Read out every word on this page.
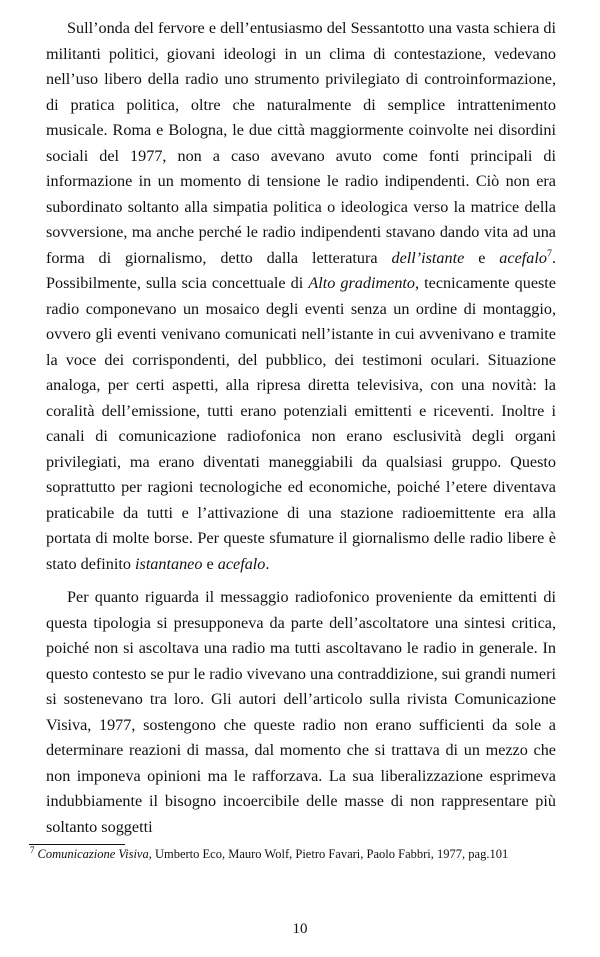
Sull’onda del fervore e dell’entusiasmo del Sessantotto una vasta schiera di militanti politici, giovani ideologi in un clima di contestazione, vedevano nell’uso libero della radio uno strumento privilegiato di controinformazione, di pratica politica, oltre che naturalmente di semplice intrattenimento musicale. Roma e Bologna, le due città maggiormente coinvolte nei disordini sociali del 1977, non a caso avevano avuto come fonti principali di informazione in un momento di tensione le radio indipendenti. Ciò non era subordinato soltanto alla simpatia politica o ideologica verso la matrice della sovversione, ma anche perché le radio indipendenti stavano dando vita ad una forma di giornalismo, detto dalla letteratura dell’istante e acefalo$^7$. Possibilmente, sulla scia concettuale di Alto gradimento, tecnicamente queste radio componevano un mosaico degli eventi senza un ordine di montaggio, ovvero gli eventi venivano comunicati nell’istante in cui avvenivano e tramite la voce dei corrispondenti, del pubblico, dei testimoni oculari. Situazione analoga, per certi aspetti, alla ripresa diretta televisiva, con una novità: la coralità dell’emissione, tutti erano potenziali emittenti e riceventi. Inoltre i canali di comunicazione radiofonica non erano esclusività degli organi privilegiati, ma erano diventati maneggiabili da qualsiasi gruppo. Questo soprattutto per ragioni tecnologiche ed economiche, poiché l’etere diventava praticabile da tutti e l’attivazione di una stazione radioemittente era alla portata di molte borse. Per queste sfumature il giornalismo delle radio libere è stato definito istantaneo e acefalo.

Per quanto riguarda il messaggio radiofonico proveniente da emittenti di questa tipologia si presupponeva da parte dell’ascoltatore una sintesi critica, poiché non si ascoltava una radio ma tutti ascoltavano le radio in generale. In questo contesto se pur le radio vivevano una contraddizione, sui grandi numeri si sostenevano tra loro. Gli autori dell’articolo sulla rivista Comunicazione Visiva, 1977, sostengono che queste radio non erano sufficienti da sole a determinare reazioni di massa, dal momento che si trattava di un mezzo che non imponeva opinioni ma le rafforzava. La sua liberalizzazione esprimeva indubbiamente il bisogno incoercibile delle masse di non rappresentare più soltanto soggetti

$^7$ Comunicazione Visiva, Umberto Eco, Mauro Wolf, Pietro Favari, Paolo Fabbri, 1977, pag.101
10
